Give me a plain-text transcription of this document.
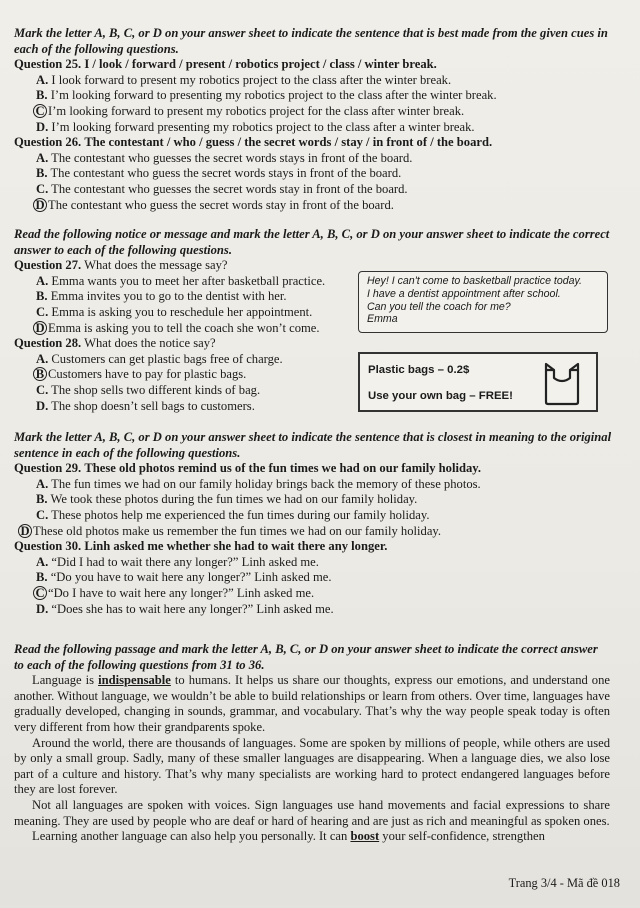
Mark the letter A, B, C, or D on your answer sheet to indicate the sentence that is best made from the given cues in each of the following questions.
Question 25. I / look / forward / present / robotics project / class / winter break.
A. I look forward to present my robotics project to the class after the winter break.
B. I’m looking forward to presenting my robotics project to the class after the winter break.
C I’m looking forward to present my robotics project for the class after winter break.
D. I’m looking forward presenting my robotics project to the class after a winter break.
Question 26. The contestant / who / guess / the secret words / stay / in front of / the board.
A. The contestant who guesses the secret words stays in front of the board.
B. The contestant who guess the secret words stays in front of the board.
C. The contestant who guesses the secret words stay in front of the board.
D The contestant who guess the secret words stay in front of the board.
Read the following notice or message and mark the letter A, B, C, or D on your answer sheet to indicate the correct answer to each of the following questions.
Question 27. What does the message say?
A. Emma wants you to meet her after basketball practice.
B. Emma invites you to go to the dentist with her.
C. Emma is asking you to reschedule her appointment.
D Emma is asking you to tell the coach she won’t come.
Question 28. What does the notice say?
A. Customers can get plastic bags free of charge.
B Customers have to pay for plastic bags.
C. The shop sells two different kinds of bag.
D. The shop doesn’t sell bags to customers.
Hey! I can't come to basketball practice today.
I have a dentist appointment after school.
Can you tell the coach for me?
Emma
Plastic bags – 0.2$
Use your own bag – FREE!
Mark the letter A, B, C, or D on your answer sheet to indicate the sentence that is closest in meaning to the original sentence in each of the following questions.
Question 29. These old photos remind us of the fun times we had on our family holiday.
A. The fun times we had on our family holiday brings back the memory of these photos.
B. We took these photos during the fun times we had on our family holiday.
C. These photos help me experienced the fun times during our family holiday.
D These old photos make us remember the fun times we had on our family holiday.
Question 30. Linh asked me whether she had to wait there any longer.
A. “Did I had to wait there any longer?” Linh asked me.
B. “Do you have to wait here any longer?” Linh asked me.
C “Do I have to wait here any longer?” Linh asked me.
D. “Does she has to wait here any longer?” Linh asked me.
Read the following passage and mark the letter A, B, C, or D on your answer sheet to indicate the correct answer to each of the following questions from 31 to 36.
Language is indispensable to humans. It helps us share our thoughts, express our emotions, and understand one another. Without language, we wouldn’t be able to build relationships or learn from others. Over time, languages have gradually developed, changing in sounds, grammar, and vocabulary. That’s why the way people speak today is often very different from how their grandparents spoke.
Around the world, there are thousands of languages. Some are spoken by millions of people, while others are used by only a small group. Sadly, many of these smaller languages are disappearing. When a language dies, we also lose part of a culture and history. That’s why many specialists are working hard to protect endangered languages before they are lost forever.
Not all languages are spoken with voices. Sign languages use hand movements and facial expressions to share meaning. They are used by people who are deaf or hard of hearing and are just as rich and meaningful as spoken ones.
Learning another language can also help you personally. It can boost your self-confidence, strengthen
Trang 3/4 - Mã đề 018
